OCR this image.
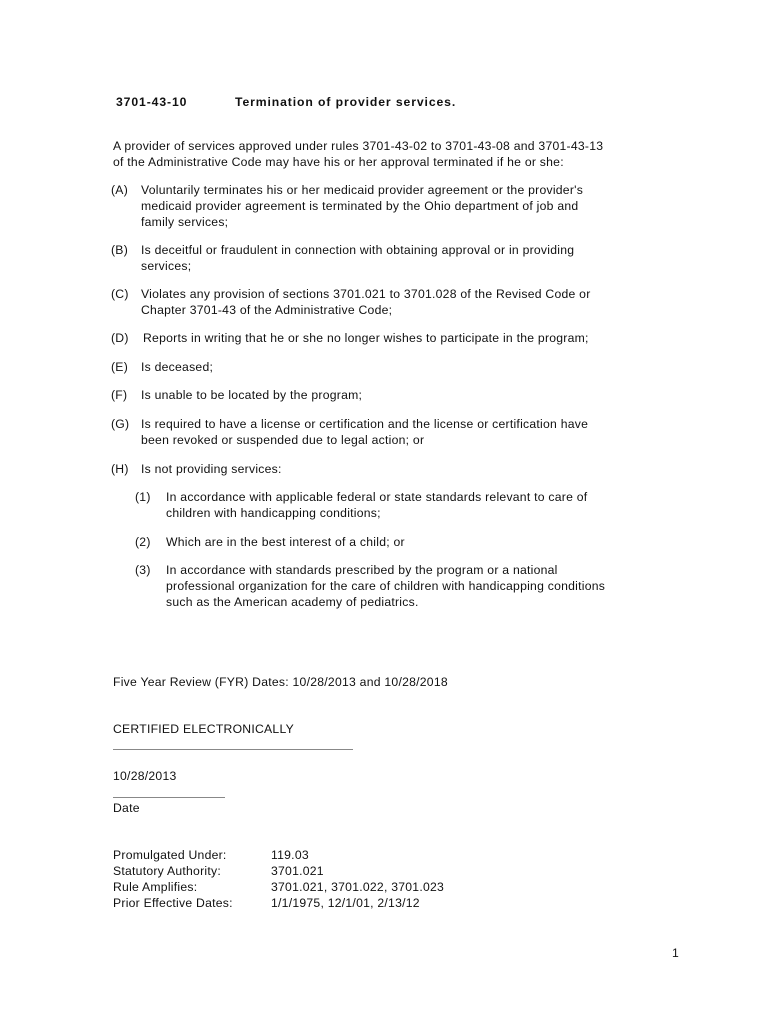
3701-43-10	Termination of provider services.
A provider of services approved under rules 3701-43-02 to 3701-43-08 and 3701-43-13
of the Administrative Code may have his or her approval terminated if he or she:
(A) Voluntarily terminates his or her medicaid provider agreement or the provider's
medicaid provider agreement is terminated by the Ohio department of job and
family services;
(B) Is deceitful or fraudulent in connection with obtaining approval or in providing
services;
(C) Violates any provision of sections 3701.021 to 3701.028 of the Revised Code or
Chapter 3701-43 of the Administrative Code;
(D) Reports in writing that he or she no longer wishes to participate in the program;
(E) Is deceased;
(F) Is unable to be located by the program;
(G) Is required to have a license or certification and the license or certification have
been revoked or suspended due to legal action; or
(H) Is not providing services:
(1) In accordance with applicable federal or state standards relevant to care of
children with handicapping conditions;
(2) Which are in the best interest of a child; or
(3) In accordance with standards prescribed by the program or a national
professional organization for the care of children with handicapping conditions
such as the American academy of pediatrics.
Five Year Review (FYR) Dates: 10/28/2013 and 10/28/2018
CERTIFIED ELECTRONICALLY
10/28/2013
Date
Promulgated Under:	119.03
Statutory Authority:	3701.021
Rule Amplifies:	3701.021, 3701.022, 3701.023
Prior Effective Dates:	1/1/1975, 12/1/01, 2/13/12
1
